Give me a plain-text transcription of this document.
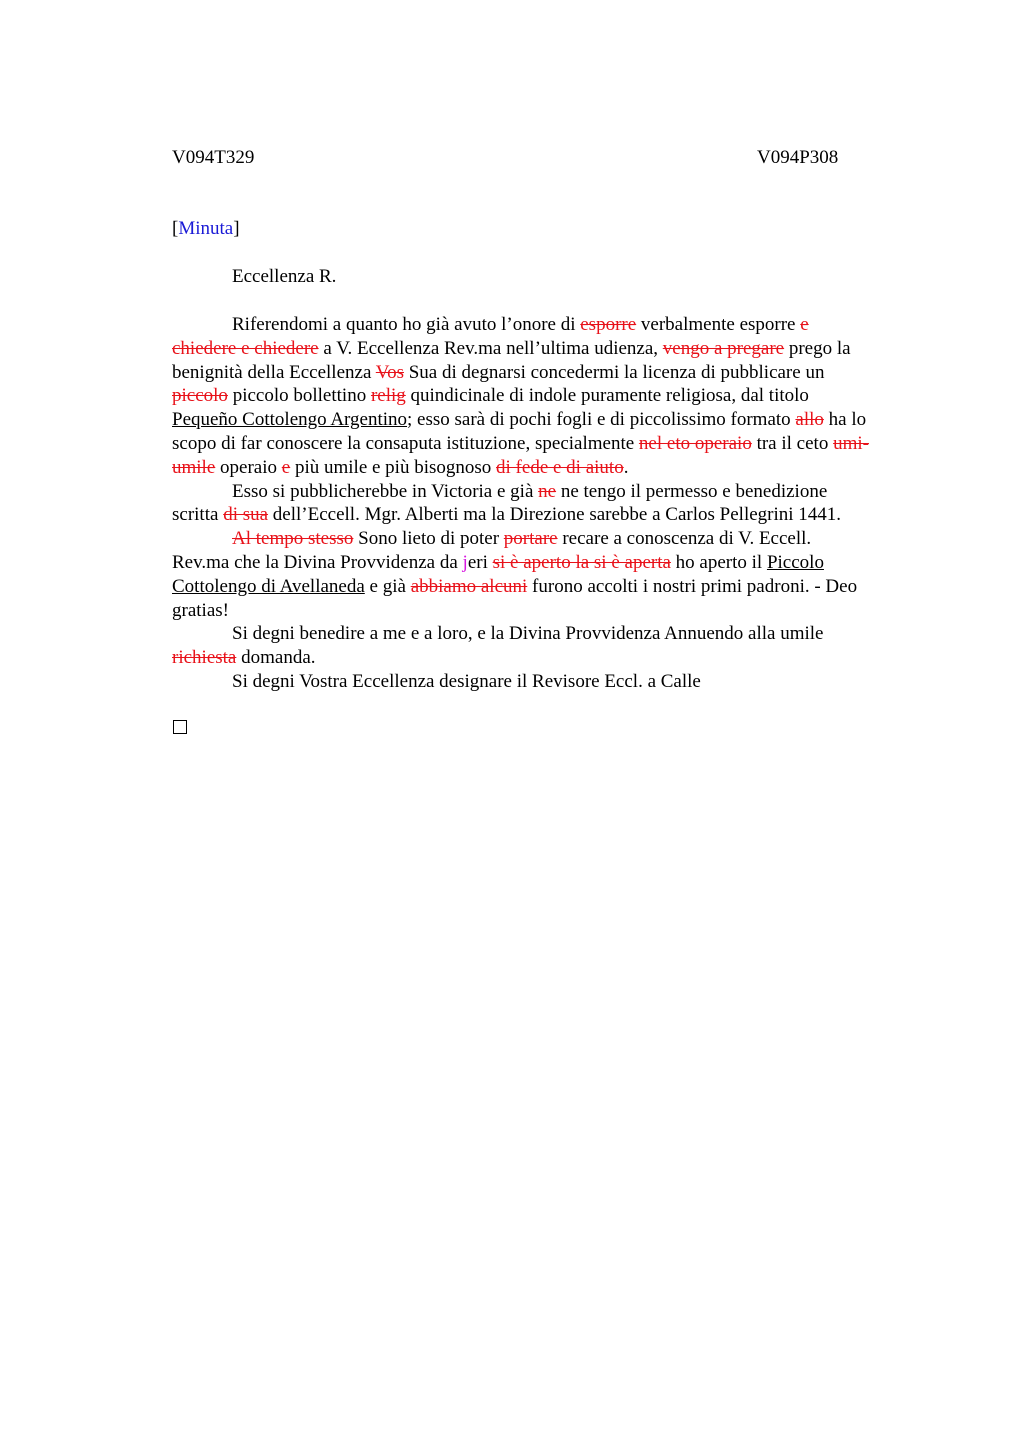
V094T329	V094P308
[Minuta]
Eccellenza R.
Riferendomi a quanto ho già avuto l’onore di esporre verbalmente esporre e
chiedere e chiedere a V. Eccellenza Rev.ma nell’ultima udienza, vengo a pregare prego la
benignità della Eccellenza Vos Sua di degnarsi concedermi la licenza di pubblicare un
piccolo piccolo bollettino relig quindicinale di indole puramente religiosa, dal titolo
Pequeño Cottolengo Argentino; esso sarà di pochi fogli e di piccolissimo formato allo ha lo
scopo di far conoscere la consaputa istituzione, specialmente nel eto operaio tra il ceto umi-
umile operaio e più umile e più bisognoso di fede e di aiuto.
Esso si pubblicherebbe in Victoria e già ne ne tengo il permesso e benedizione
scritta di sua dell’Eccell. Mgr. Alberti ma la Direzione sarebbe a Carlos Pellegrini 1441.
Al tempo stesso Sono lieto di poter portare recare a conoscenza di V. Eccell.
Rev.ma che la Divina Provvidenza da jeri si è aperto la si è aperta ho aperto il Piccolo
Cottolengo di Avellaneda e già abbiamo alcuni furono accolti i nostri primi padroni. - Deo
gratias!
Si degni benedire a me e a loro, e la Divina Provvidenza Annuendo alla umile
richiesta domanda.
Si degni Vostra Eccellenza designare il Revisore Eccl. a Calle
